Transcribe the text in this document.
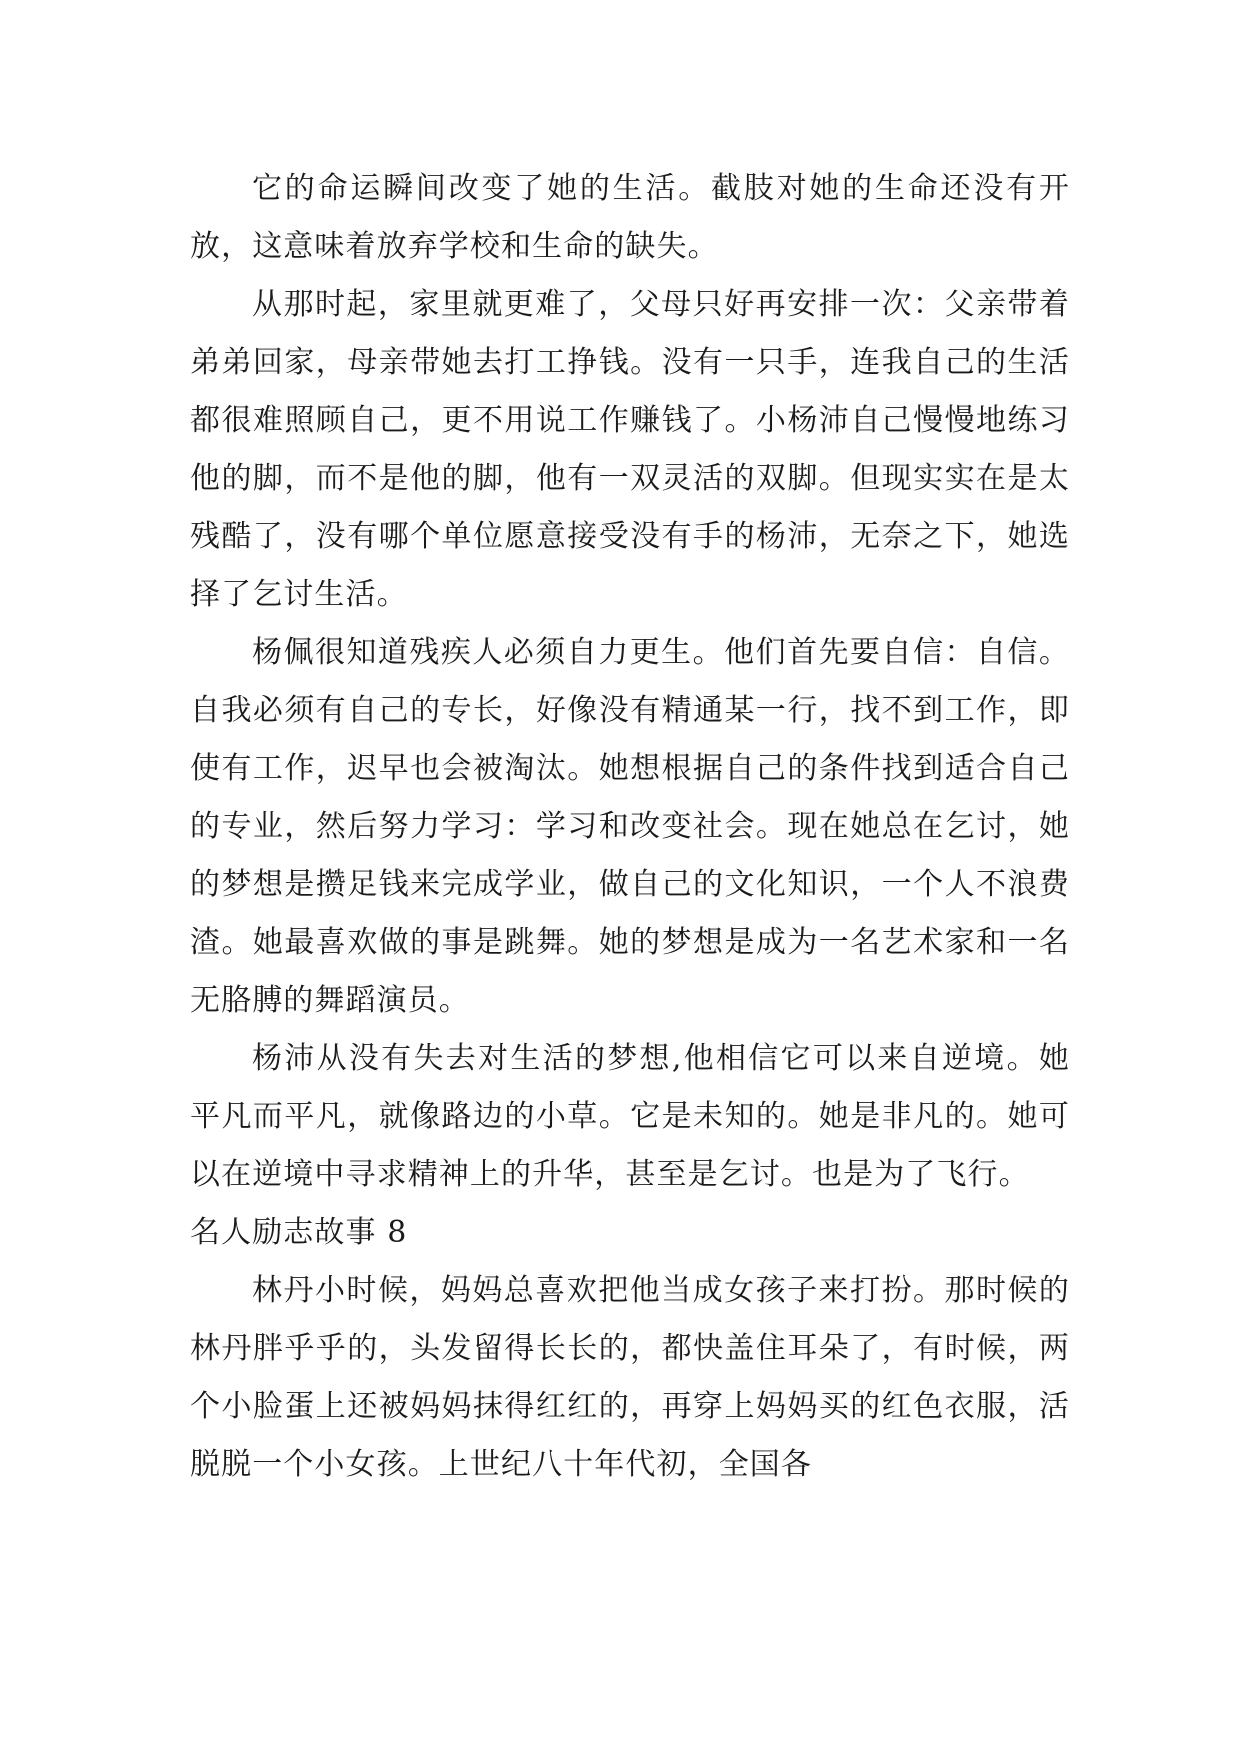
它的命运瞬间改变了她的生活。截肢对她的生命还没有开放，这意味着放弃学校和生命的缺失。

从那时起，家里就更难了，父母只好再安排一次：父亲带着弟弟回家，母亲带她去打工挣钱。没有一只手，连我自己的生活都很难照顾自己，更不用说工作赚钱了。小杨沛自己慢慢地练习他的脚，而不是他的脚，他有一双灵活的双脚。但现实实在是太残酷了，没有哪个单位愿意接受没有手的杨沛，无奈之下，她选择了乞讨生活。

杨佩很知道残疾人必须自力更生。他们首先要自信：自信。自我必须有自己的专长，好像没有精通某一行，找不到工作，即使有工作，迟早也会被淘汰。她想根据自己的条件找到适合自己的专业，然后努力学习：学习和改变社会。现在她总在乞讨，她的梦想是攒足钱来完成学业，做自己的文化知识，一个人不浪费渣。她最喜欢做的事是跳舞。她的梦想是成为一名艺术家和一名无胳膊的舞蹈演员。

杨沛从没有失去对生活的梦想,他相信它可以来自逆境。她平凡而平凡，就像路边的小草。它是未知的。她是非凡的。她可以在逆境中寻求精神上的升华，甚至是乞讨。也是为了飞行。

名人励志故事 8

林丹小时候，妈妈总喜欢把他当成女孩子来打扮。那时候的林丹胖乎乎的，头发留得长长的，都快盖住耳朵了，有时候，两个小脸蛋上还被妈妈抹得红红的，再穿上妈妈买的红色衣服，活脱脱一个小女孩。上世纪八十年代初，全国各
